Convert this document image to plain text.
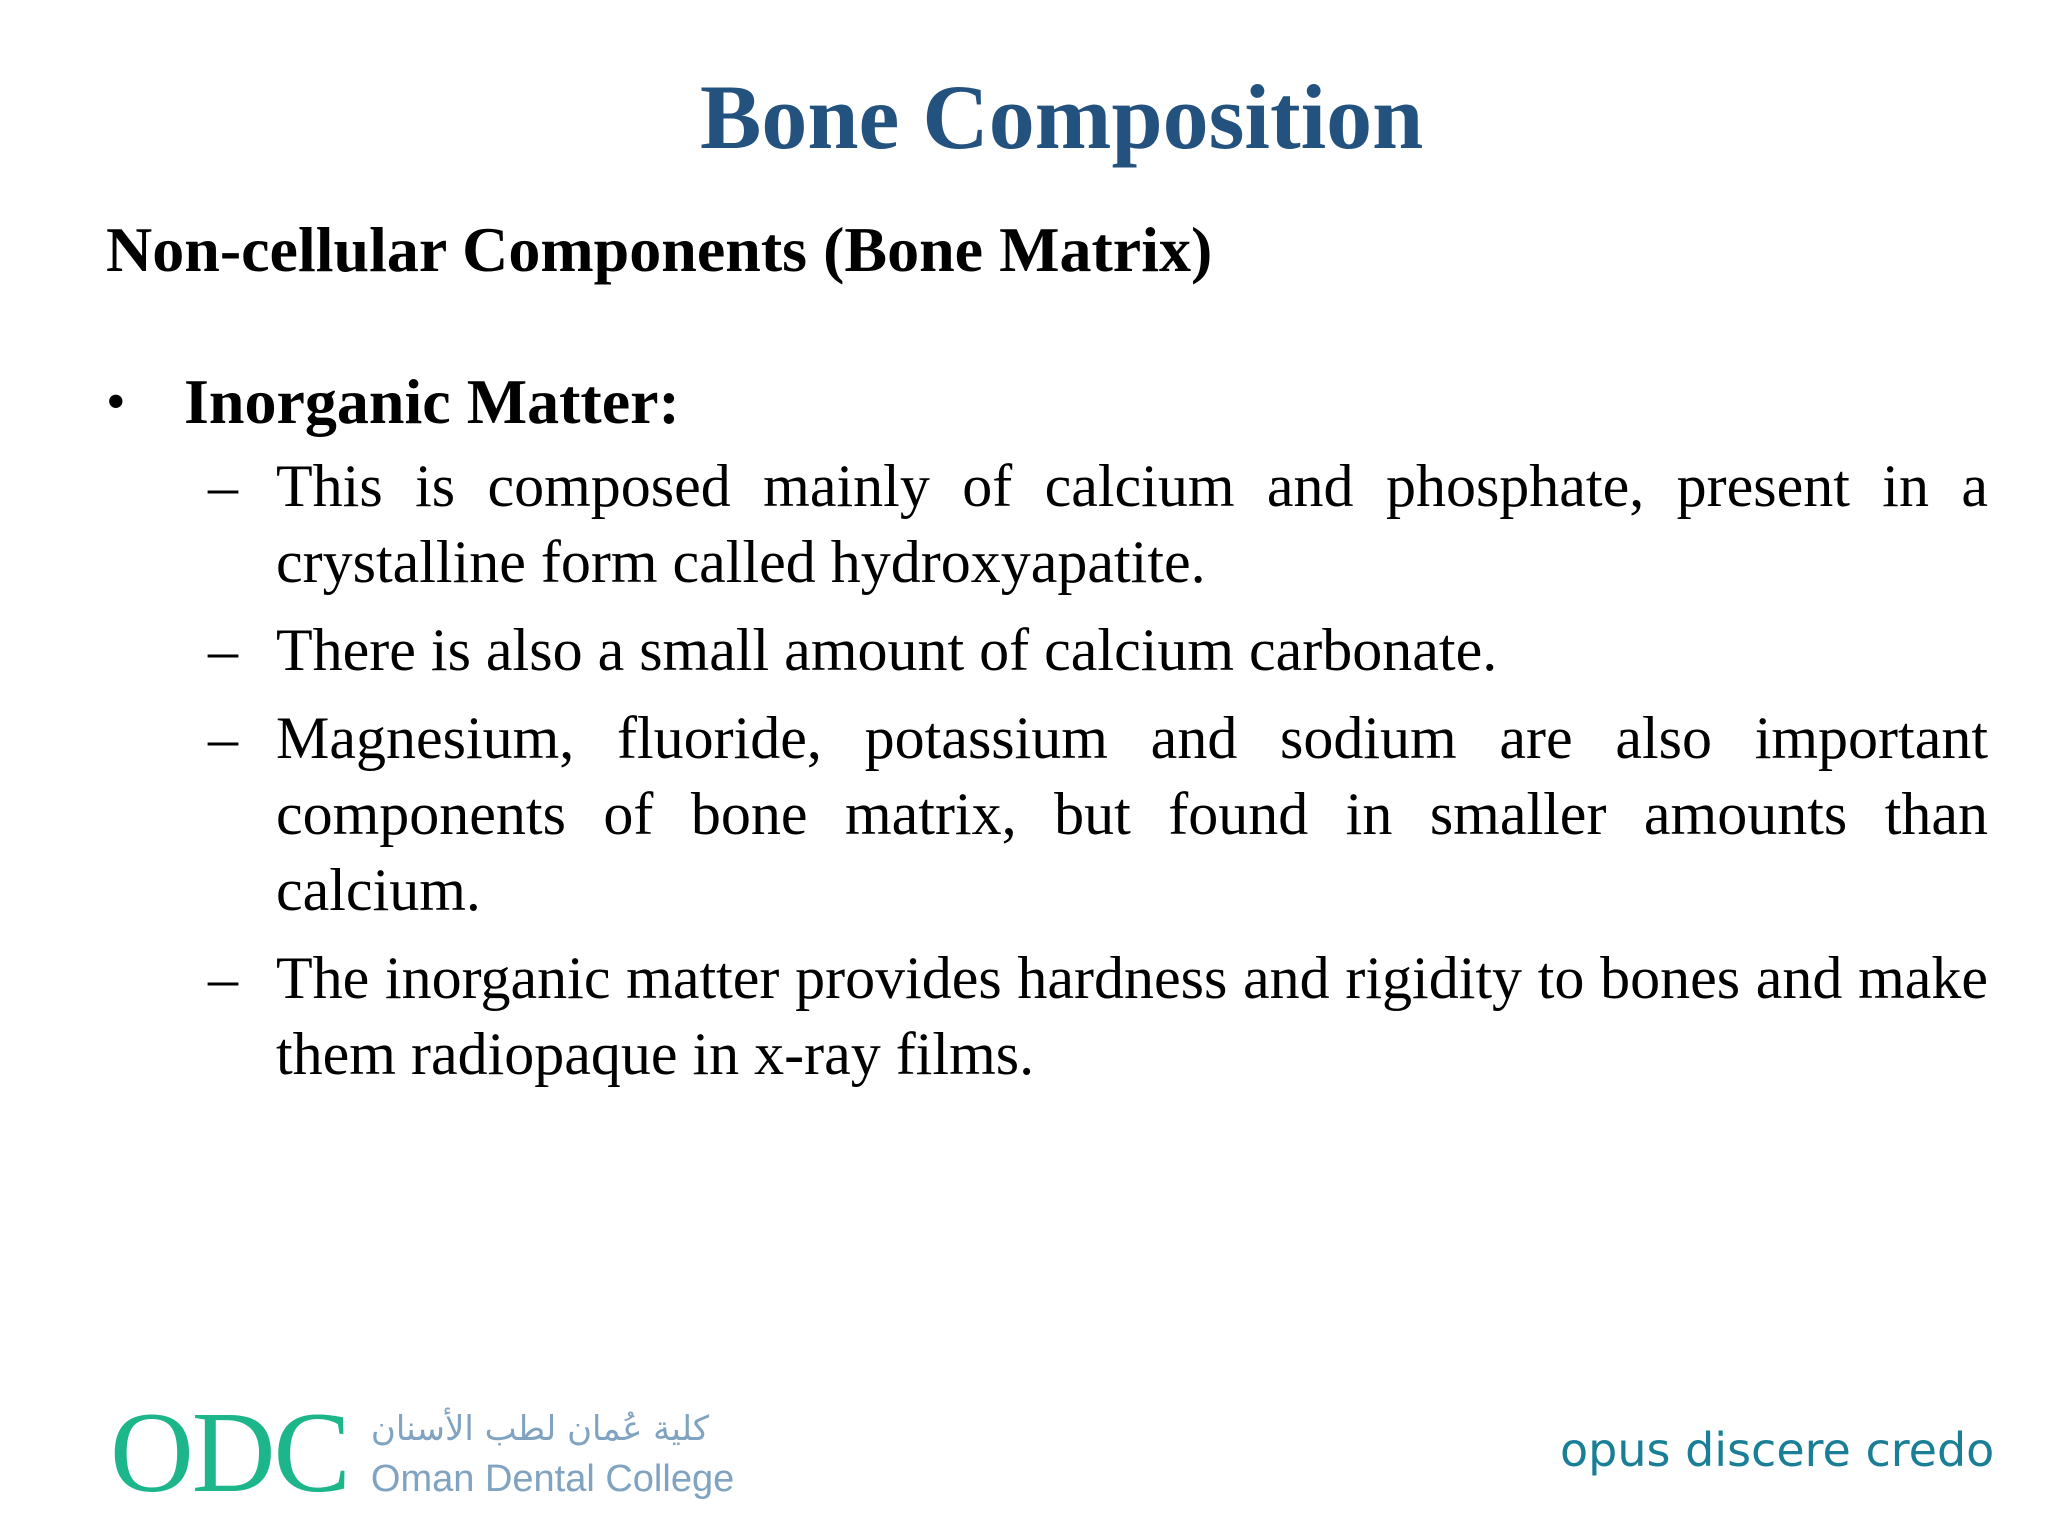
Bone Composition
Non-cellular Components (Bone Matrix)
• Inorganic Matter:
– This is composed mainly of calcium and phosphate, present in a crystalline form called hydroxyapatite.
– There is also a small amount of calcium carbonate.
– Magnesium, fluoride, potassium and sodium are also important components of bone matrix, but found in smaller amounts than calcium.
– The inorganic matter provides hardness and rigidity to bones and make them radiopaque in x-ray films.
ODC كلية عُمان لطب الأسنان
Oman Dental College
opus discere credo
